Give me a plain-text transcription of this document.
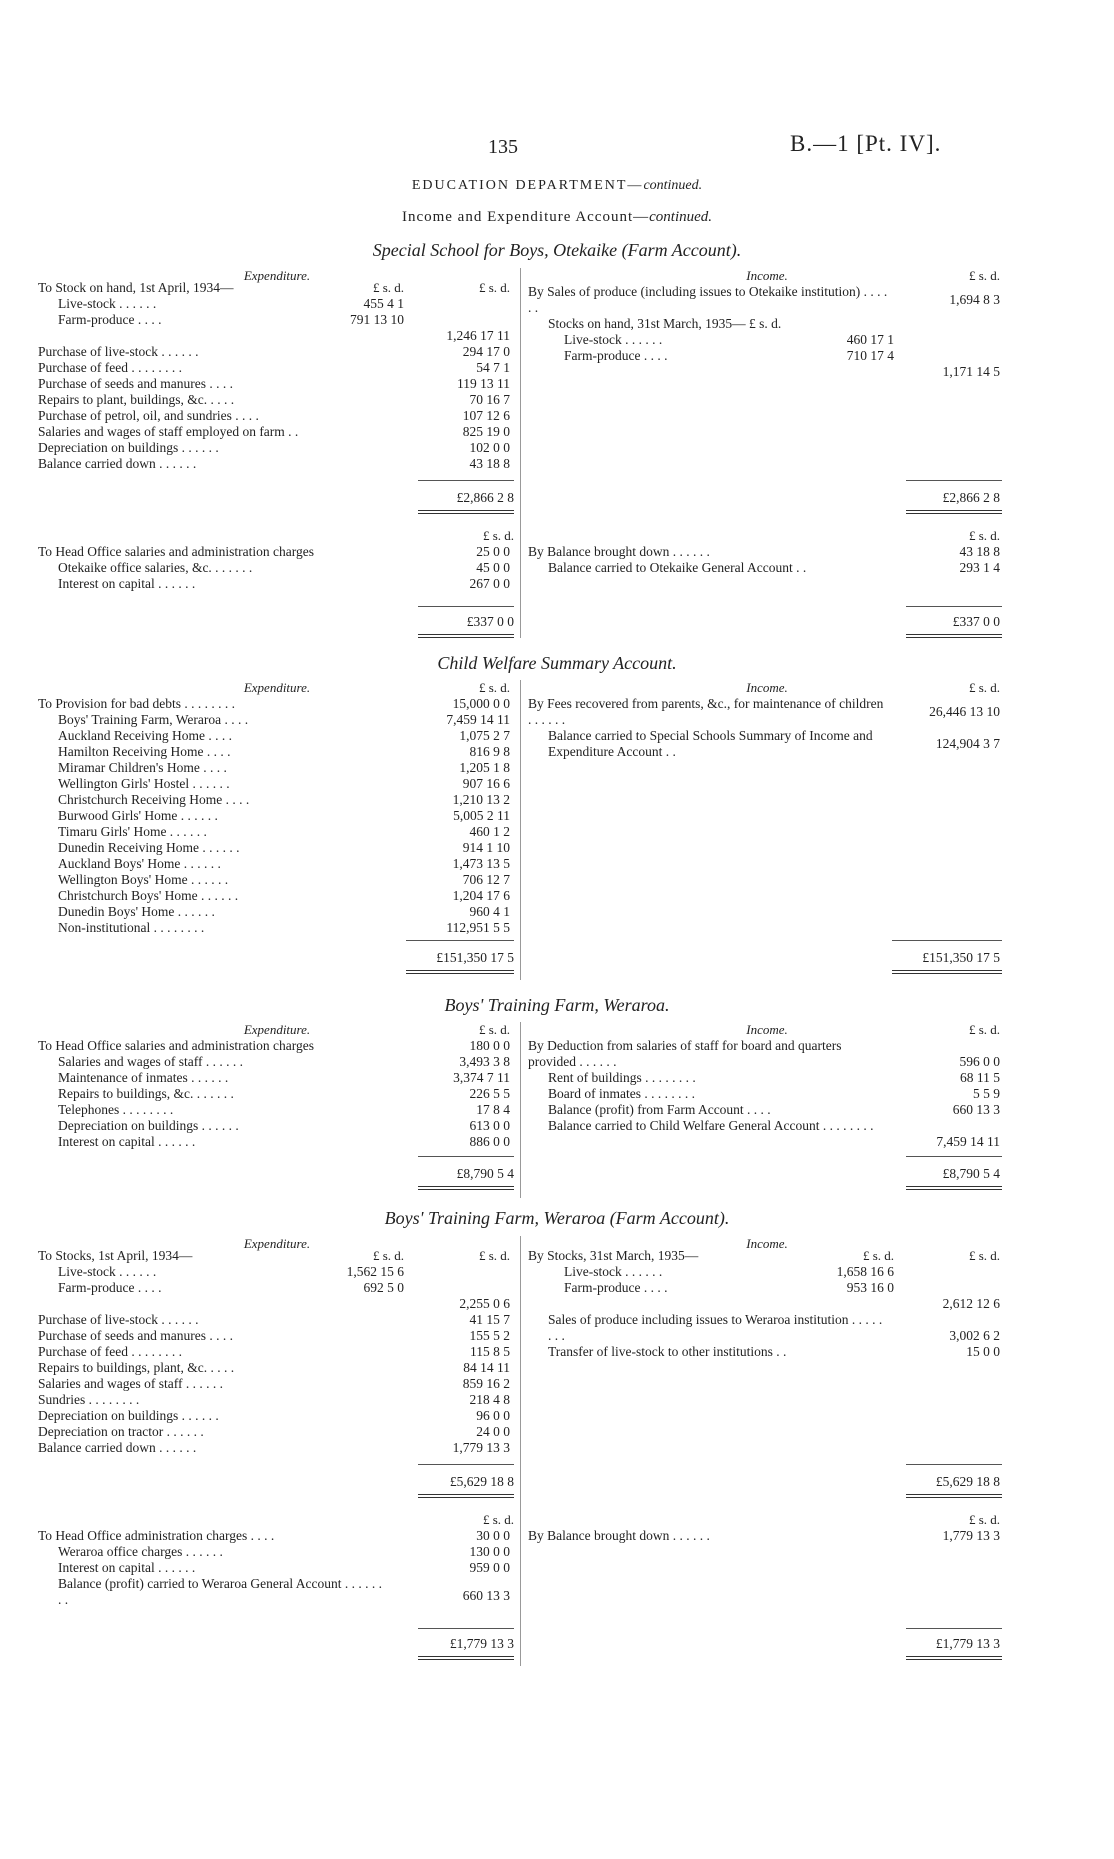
135	B.—1 [Pt. IV].
EDUCATION DEPARTMENT—continued.
Income and Expenditure Account—continued.
Special School for Boys, Otekaike (Farm Account).
Expenditure.
To Stock on hand, 1st April, 1934—	£ s. d.	£ s. d.
Live-stock . . . . . .	455 4 1
Farm-produce . . . .	791 13 10
1,246 17 11
Purchase of live-stock . . . . . .	294 17 0
Purchase of feed . . . . . . . .	54 7 1
Purchase of seeds and manures . . . .	119 13 11
Repairs to plant, buildings, &c. . . . .	70 16 7
Purchase of petrol, oil, and sundries . . . .	107 12 6
Salaries and wages of staff employed on farm . .	825 19 0
Depreciation on buildings . . . . . .	102 0 0
Balance carried down . . . . . .	43 18 8
£2,866 2 8
Income.	£ s. d.
By Sales of produce (including issues to Otekaike institution) . . . . . .
1,694 8 3
Stocks on hand, 31st March, 1935— £ s. d.
Live-stock . . . . . .	460 17 1
Farm-produce . . . .	710 17 4
1,171 14 5
£2,866 2 8
£ s. d.	£ s. d.
To Head Office salaries and administration charges	25 0 0
Otekaike office salaries, &c. . . . . . .	45 0 0
Interest on capital . . . . . .	267 0 0
By Balance brought down . . . . . .	43 18 8
Balance carried to Otekaike General Account . .	293 1 4
£337 0 0	£337 0 0
Child Welfare Summary Account.
Expenditure.	£ s. d.
To Provision for bad debts . . . . . . . .	15,000 0 0
Boys' Training Farm, Weraroa . . . .	7,459 14 11
Auckland Receiving Home . . . .	1,075 2 7
Hamilton Receiving Home . . . .	816 9 8
Miramar Children's Home . . . .	1,205 1 8
Wellington Girls' Hostel . . . . . .	907 16 6
Christchurch Receiving Home . . . .	1,210 13 2
Burwood Girls' Home . . . . . .	5,005 2 11
Timaru Girls' Home . . . . . .	460 1 2
Dunedin Receiving Home . . . . . .	914 1 10
Auckland Boys' Home . . . . . .	1,473 13 5
Wellington Boys' Home . . . . . .	706 12 7
Christchurch Boys' Home . . . . . .	1,204 17 6
Dunedin Boys' Home . . . . . .	960 4 1
Non-institutional . . . . . . . .	112,951 5 5
£151,350 17 5
Income.	£ s. d.
By Fees recovered from parents, &c., for maintenance of children . . . . . .
26,446 13 10
Balance carried to Special Schools Summary of Income and Expenditure Account . .
124,904 3 7
£151,350 17 5
Boys' Training Farm, Weraroa.
Expenditure.	£ s. d.
To Head Office salaries and administration charges	180 0 0
Salaries and wages of staff . . . . . .	3,493 3 8
Maintenance of inmates . . . . . .	3,374 7 11
Repairs to buildings, &c. . . . . . .	226 5 5
Telephones . . . . . . . .	17 8 4
Depreciation on buildings . . . . . .	613 0 0
Interest on capital . . . . . .	886 0 0
£8,790 5 4
Income.	£ s. d.
By Deduction from salaries of staff for board and quarters provided . . . . . .	596 0 0
Rent of buildings . . . . . . . .	68 11 5
Board of inmates . . . . . . . .	5 5 9
Balance (profit) from Farm Account . . . .	660 13 3
Balance carried to Child Welfare General Account . . . . . . . .
7,459 14 11
£8,790 5 4
Boys' Training Farm, Weraroa (Farm Account).
Expenditure.
To Stocks, 1st April, 1934—	£ s. d.	£ s. d.
Live-stock . . . . . .	1,562 15 6
Farm-produce . . . .	692 5 0
2,255 0 6
Purchase of live-stock . . . . . .	41 15 7
Purchase of seeds and manures . . . .	155 5 2
Purchase of feed . . . . . . . .	115 8 5
Repairs to buildings, plant, &c. . . . .	84 14 11
Salaries and wages of staff . . . . . .	859 16 2
Sundries . . . . . . . .	218 4 8
Depreciation on buildings . . . . . .	96 0 0
Depreciation on tractor . . . . . .	24 0 0
Balance carried down . . . . . .	1,779 13 3
£5,629 18 8
Income.
By Stocks, 31st March, 1935—	£ s. d.	£ s. d.
Live-stock . . . . . .	1,658 16 6
Farm-produce . . . .	953 16 0
2,612 12 6
Sales of produce including issues to Weraroa institution . . . . . . . .	3,002 6 2
Transfer of live-stock to other institutions . .	15 0 0
£5,629 18 8
£ s. d.	£ s. d.
To Head Office administration charges . . . .	30 0 0
Weraroa office charges . . . . . .	130 0 0
Interest on capital . . . . . .	959 0 0
Balance (profit) carried to Weraroa General Account . . . . . . . .	660 13 3
By Balance brought down . . . . . .	1,779 13 3
£1,779 13 3	£1,779 13 3
